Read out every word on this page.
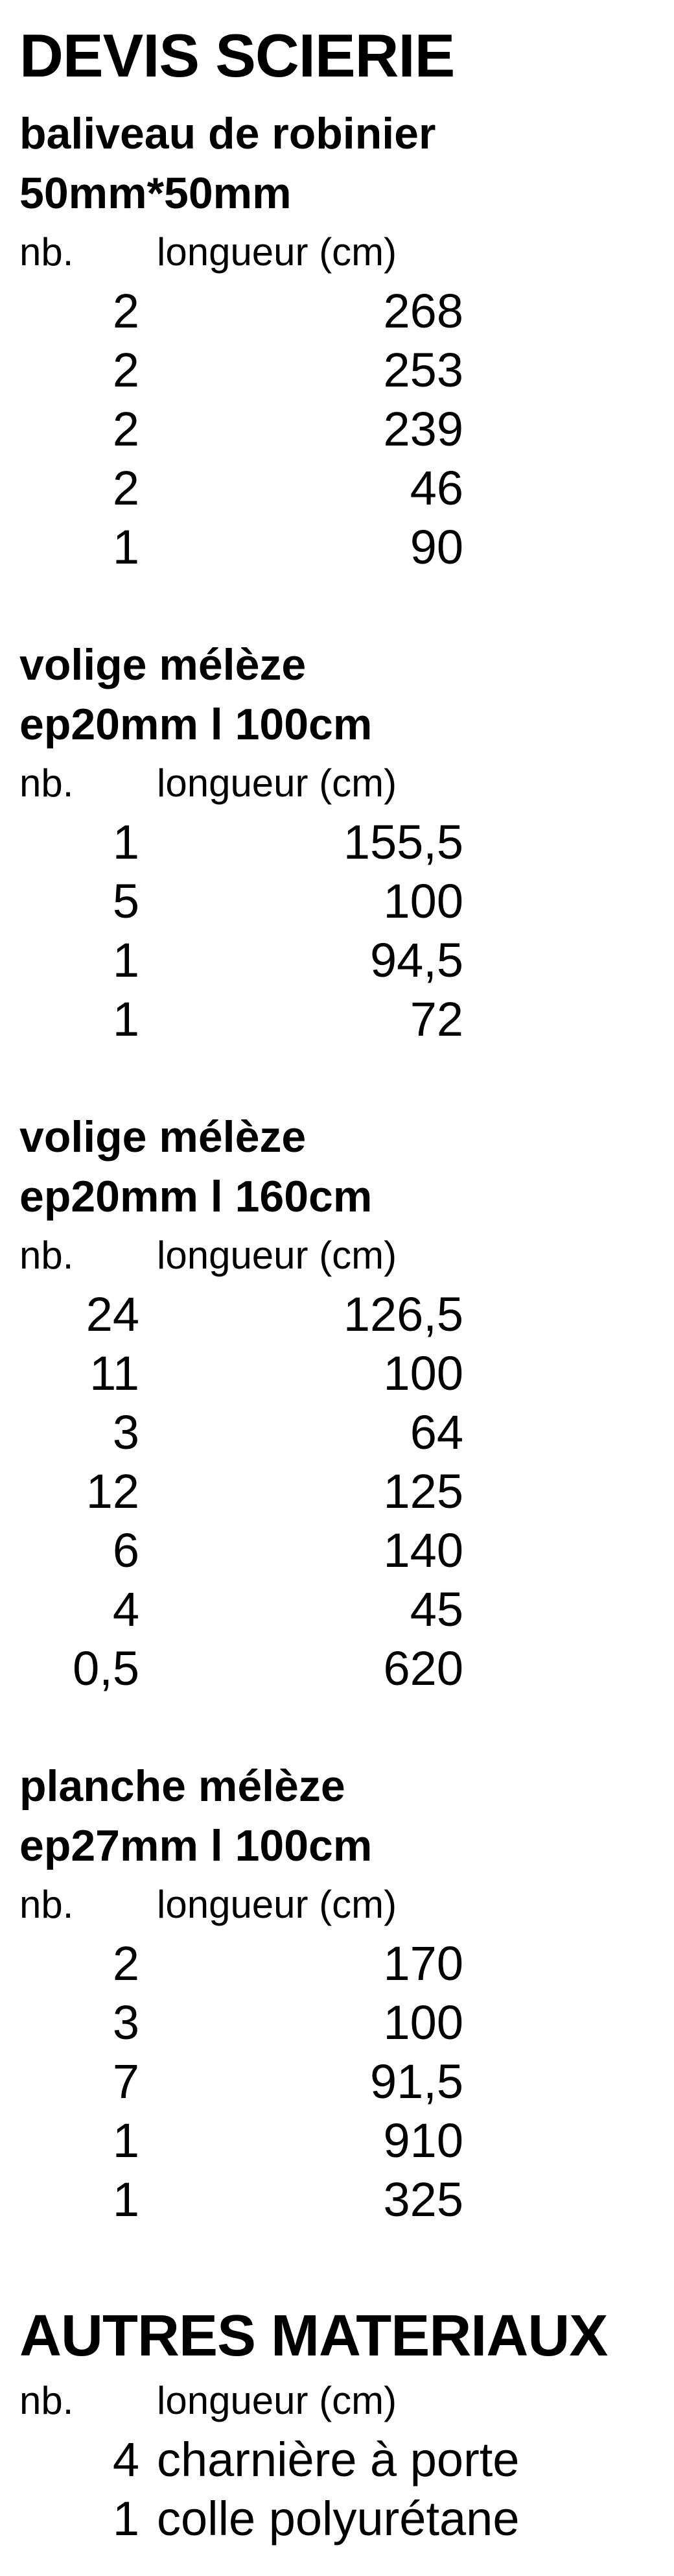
DEVIS SCIERIE
baliveau de robinier
50mm*50mm
nb.	longueur (cm)
2	268
2	253
2	239
2	46
1	90
volige mélèze
ep20mm l 100cm
nb.	longueur (cm)
1	155,5
5	100
1	94,5
1	72
volige mélèze
ep20mm l 160cm
nb.	longueur (cm)
24	126,5
11	100
3	64
12	125
6	140
4	45
0,5	620
planche mélèze
ep27mm l 100cm
nb.	longueur (cm)
2	170
3	100
7	91,5
1	910
1	325
AUTRES MATERIAUX
nb.	longueur (cm)
4 charnière à porte
1 colle polyurétane
